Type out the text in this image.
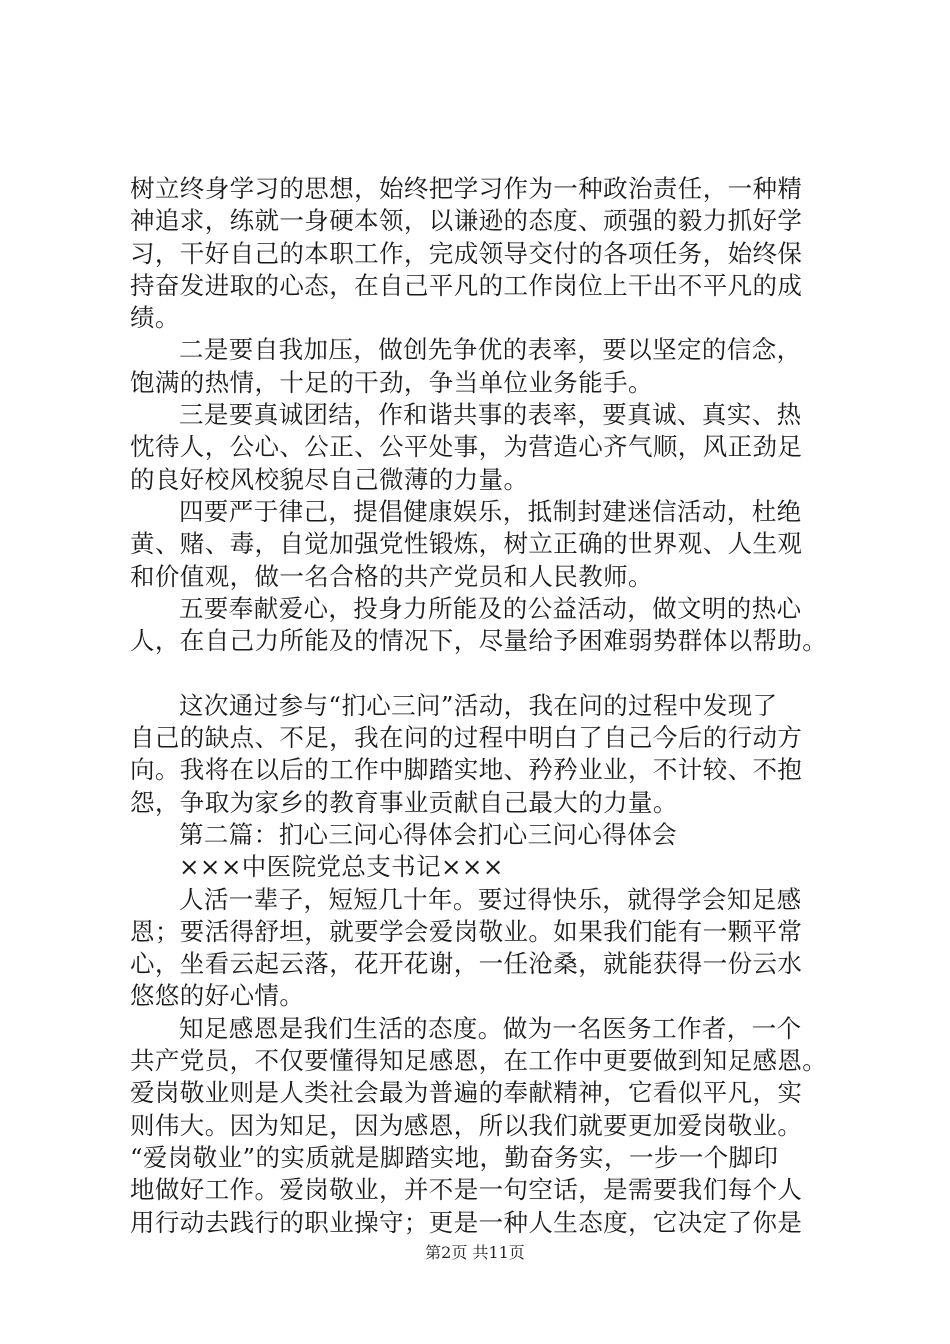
树立终身学习的思想，始终把学习作为一种政治责任，一种精
神追求，练就一身硬本领，以谦逊的态度、顽强的毅力抓好学
习，干好自己的本职工作，完成领导交付的各项任务，始终保
持奋发进取的心态，在自己平凡的工作岗位上干出不平凡的成
绩。
二是要自我加压，做创先争优的表率，要以坚定的信念，
饱满的热情，十足的干劲，争当单位业务能手。
三是要真诚团结，作和谐共事的表率，要真诚、真实、热
忱待人，公心、公正、公平处事，为营造心齐气顺，风正劲足
的良好校风校貌尽自己微薄的力量。
四要严于律己，提倡健康娱乐，抵制封建迷信活动，杜绝
黄、赌、毒，自觉加强党性锻炼，树立正确的世界观、人生观
和价值观，做一名合格的共产党员和人民教师。
五要奉献爱心，投身力所能及的公益活动，做文明的热心
人，在自己力所能及的情况下，尽量给予困难弱势群体以帮助。
这次通过参与“扪心三问”活动，我在问的过程中发现了
自己的缺点、不足，我在问的过程中明白了自己今后的行动方
向。我将在以后的工作中脚踏实地、矜矜业业，不计较、不抱
怨，争取为家乡的教育事业贡献自己最大的力量。
第二篇：扪心三问心得体会扪心三问心得体会
×××中医院党总支书记×××
人活一辈子，短短几十年。要过得快乐，就得学会知足感
恩；要活得舒坦，就要学会爱岗敬业。如果我们能有一颗平常
心，坐看云起云落，花开花谢，一任沧桑，就能获得一份云水
悠悠的好心情。
知足感恩是我们生活的态度。做为一名医务工作者，一个
共产党员，不仅要懂得知足感恩，在工作中更要做到知足感恩。
爱岗敬业则是人类社会最为普遍的奉献精神，它看似平凡，实
则伟大。因为知足，因为感恩，所以我们就要更加爱岗敬业。
“爱岗敬业”的实质就是脚踏实地，勤奋务实，一步一个脚印
地做好工作。爱岗敬业，并不是一句空话，是需要我们每个人
用行动去践行的职业操守；更是一种人生态度，它决定了你是
第2页 共11页
